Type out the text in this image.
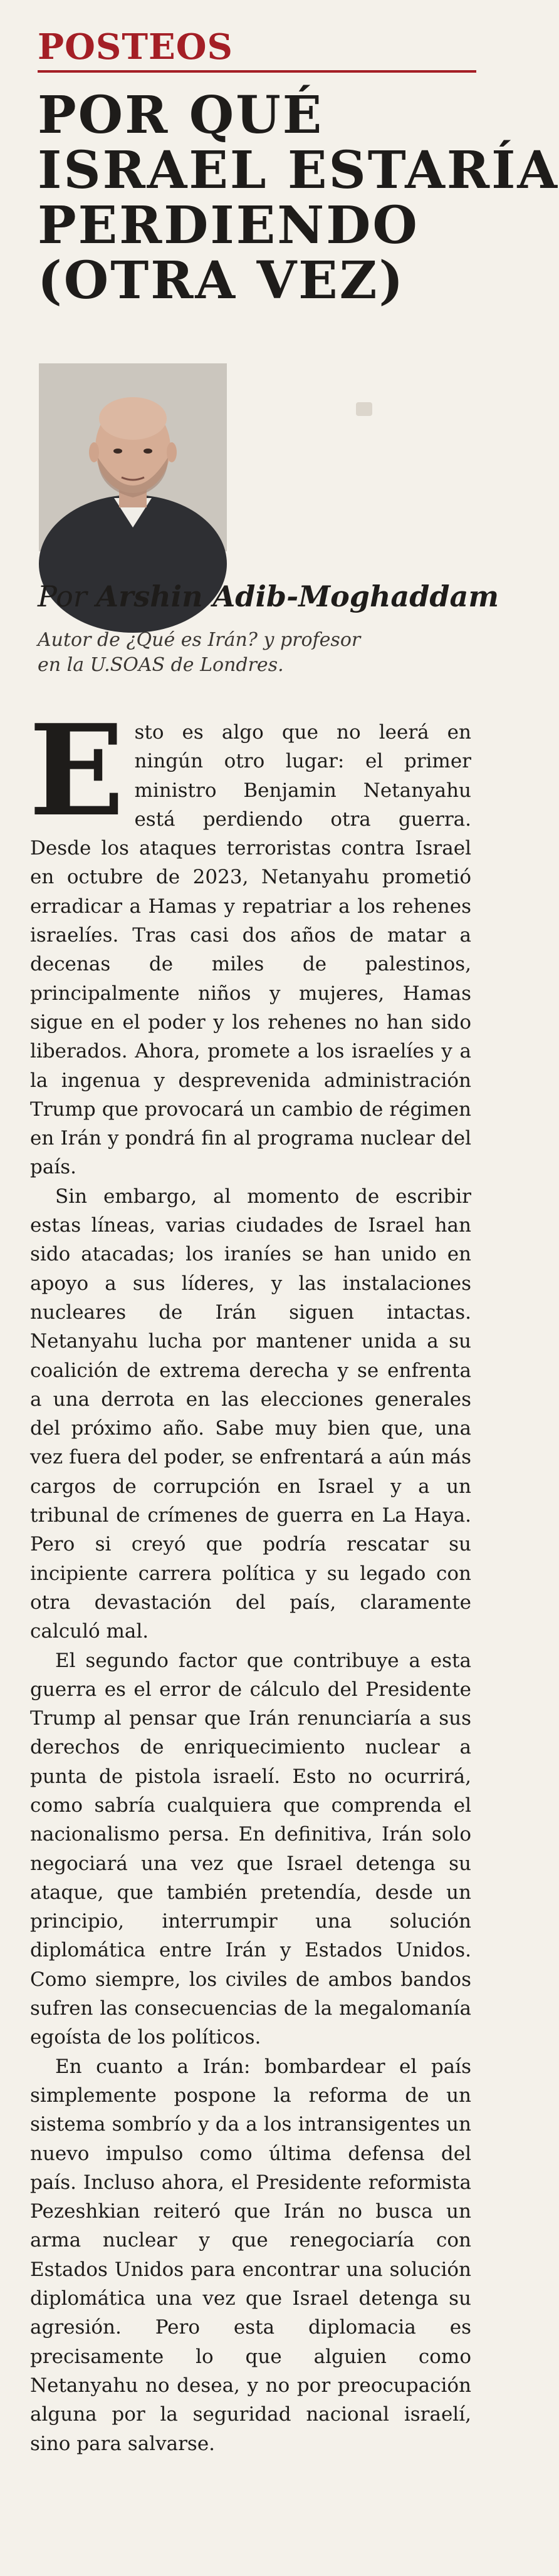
POSTEOS
POR QUÉ
ISRAEL ESTARÍA
PERDIENDO
(OTRA VEZ)
Por Arshin Adib-Moghaddam
Autor de ¿Qué es Irán? y profesor
en la U.SOAS de Londres.

Esto es algo que no leerá en ningún otro lugar: el primer ministro Benjamin Netanyahu está perdiendo otra guerra. Desde los ataques terroristas contra Israel en octubre de 2023, Netanyahu prometió erradicar a Hamas y repatriar a los rehenes israelíes. Tras casi dos años de matar a decenas de miles de palestinos, principalmente niños y mujeres, Hamas sigue en el poder y los rehenes no han sido liberados. Ahora, promete a los israelíes y a la ingenua y desprevenida administración Trump que provocará un cambio de régimen en Irán y pondrá fin al programa nuclear del país.

Sin embargo, al momento de escribir estas líneas, varias ciudades de Israel han sido atacadas; los iraníes se han unido en apoyo a sus líderes, y las instalaciones nucleares de Irán siguen intactas. Netanyahu lucha por mantener unida a su coalición de extrema derecha y se enfrenta a una derrota en las elecciones generales del próximo año. Sabe muy bien que, una vez fuera del poder, se enfrentará a aún más cargos de corrupción en Israel y a un tribunal de crímenes de guerra en La Haya. Pero si creyó que podría rescatar su incipiente carrera política y su legado con otra devastación del país, claramente calculó mal.

El segundo factor que contribuye a esta guerra es el error de cálculo del Presidente Trump al pensar que Irán renunciaría a sus derechos de enriquecimiento nuclear a punta de pistola israelí. Esto no ocurrirá, como sabría cualquiera que comprenda el nacionalismo persa. En definitiva, Irán solo negociará una vez que Israel detenga su ataque, que también pretendía, desde un principio, interrumpir una solución diplomática entre Irán y Estados Unidos. Como siempre, los civiles de ambos bandos sufren las consecuencias de la megalomanía egoísta de los políticos.

En cuanto a Irán: bombardear el país simplemente pospone la reforma de un sistema sombrío y da a los intransigentes un nuevo impulso como última defensa del país. Incluso ahora, el Presidente reformista Pezeshkian reiteró que Irán no busca un arma nuclear y que renegociaría con Estados Unidos para encontrar una solución diplomática una vez que Israel detenga su agresión. Pero esta diplomacia es precisamente lo que alguien como Netanyahu no desea, y no por preocupación alguna por la seguridad nacional israelí, sino para salvarse.
